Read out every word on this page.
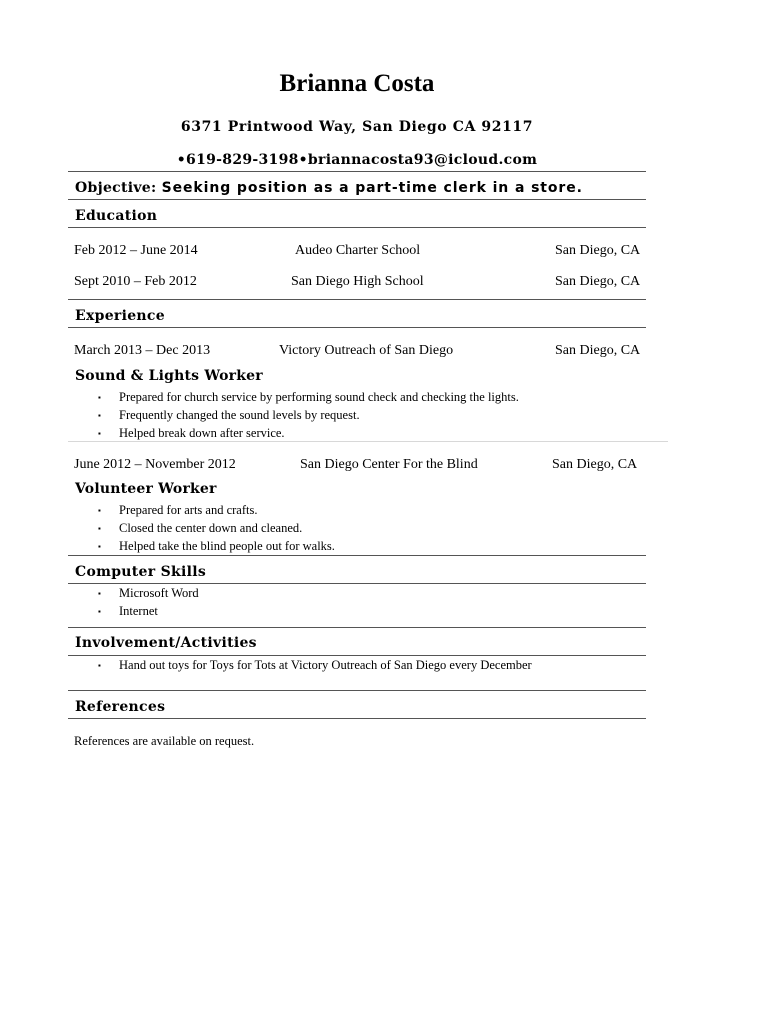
Brianna Costa
6371 Printwood Way, San Diego CA 92117
•619-829-3198•briannacosta93@icloud.com
Objective: Seeking position as a part-time clerk in a store.
Education
Feb 2012 – June 2014	Audeo Charter School	San Diego, CA
Sept 2010 – Feb 2012	San Diego High School	San Diego, CA
Experience
March 2013 – Dec 2013	Victory Outreach of San Diego	San Diego, CA
Sound & Lights Worker
▪ Prepared for church service by performing sound check and checking the lights.
▪ Frequently changed the sound levels by request.
▪ Helped break down after service.
June 2012 – November 2012	San Diego Center For the Blind	San Diego, CA
Volunteer Worker
▪ Prepared for arts and crafts.
▪ Closed the center down and cleaned.
▪ Helped take the blind people out for walks.
Computer Skills
▪ Microsoft Word
▪ Internet
Involvement/Activities
▪ Hand out toys for Toys for Tots at Victory Outreach of San Diego every December
References
References are available on request.
